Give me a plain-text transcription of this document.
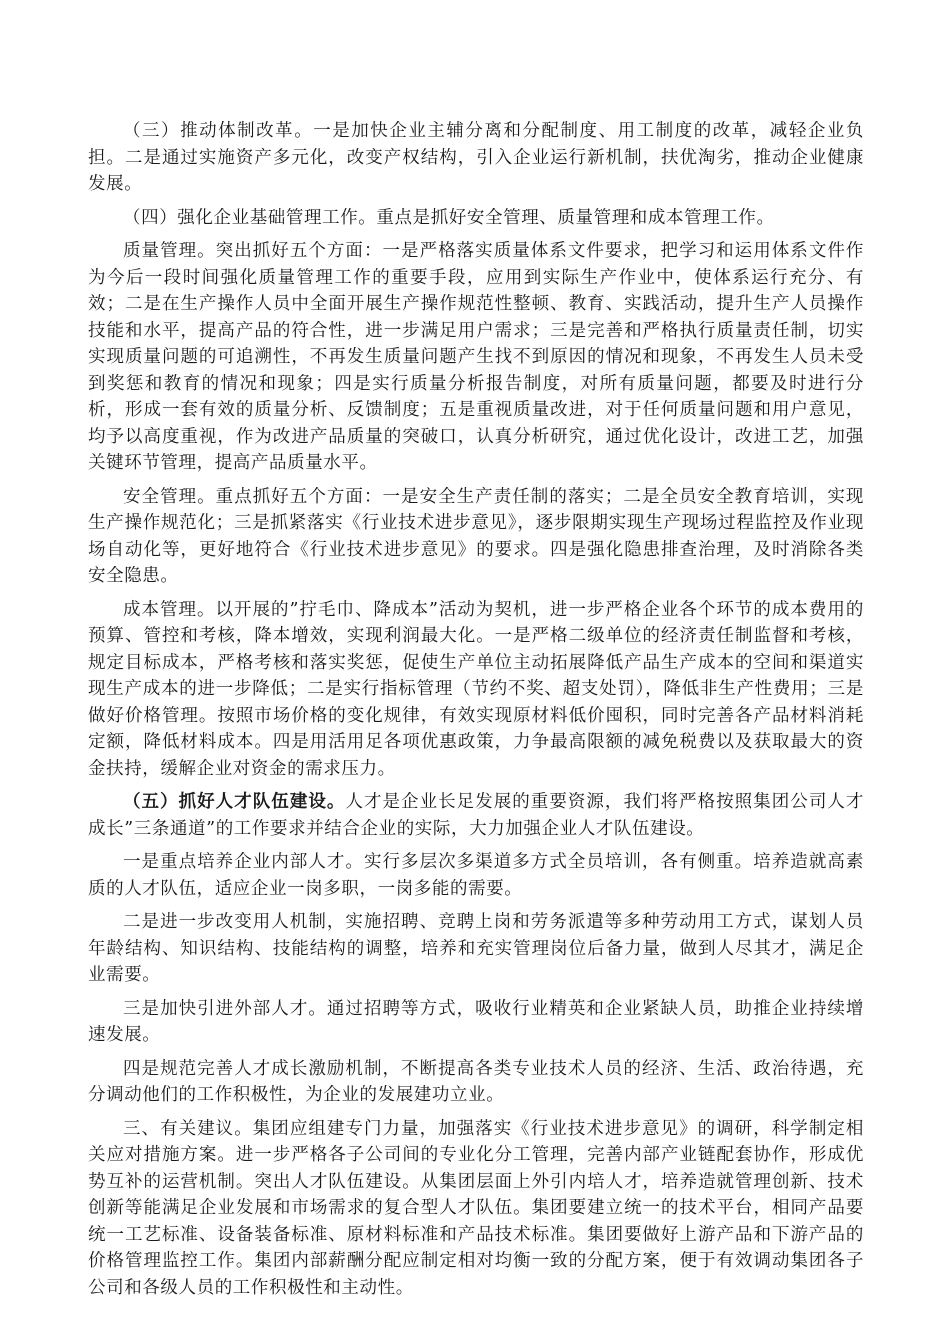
（三）推动体制改革。一是加快企业主辅分离和分配制度、用工制度的改革，减轻企业负担。二是通过实施资产多元化，改变产权结构，引入企业运行新机制，扶优淘劣，推动企业健康发展。

（四）强化企业基础管理工作。重点是抓好安全管理、质量管理和成本管理工作。

质量管理。突出抓好五个方面：一是严格落实质量体系文件要求，把学习和运用体系文件作为今后一段时间强化质量管理工作的重要手段，应用到实际生产作业中，使体系运行充分、有效；二是在生产操作人员中全面开展生产操作规范性整顿、教育、实践活动，提升生产人员操作技能和水平，提高产品的符合性，进一步满足用户需求；三是完善和严格执行质量责任制，切实实现质量问题的可追溯性，不再发生质量问题产生找不到原因的情况和现象，不再发生人员未受到奖惩和教育的情况和现象；四是实行质量分析报告制度，对所有质量问题，都要及时进行分析，形成一套有效的质量分析、反馈制度；五是重视质量改进，对于任何质量问题和用户意见，均予以高度重视，作为改进产品质量的突破口，认真分析研究，通过优化设计，改进工艺，加强关键环节管理，提高产品质量水平。

安全管理。重点抓好五个方面：一是安全生产责任制的落实；二是全员安全教育培训，实现生产操作规范化；三是抓紧落实《行业技术进步意见》，逐步限期实现生产现场过程监控及作业现场自动化等，更好地符合《行业技术进步意见》的要求。四是强化隐患排查治理，及时消除各类安全隐患。

成本管理。以开展的”拧毛巾、降成本”活动为契机，进一步严格企业各个环节的成本费用的预算、管控和考核，降本增效，实现利润最大化。一是严格二级单位的经济责任制监督和考核，规定目标成本，严格考核和落实奖惩，促使生产单位主动拓展降低产品生产成本的空间和渠道实现生产成本的进一步降低；二是实行指标管理（节约不奖、超支处罚），降低非生产性费用；三是做好价格管理。按照市场价格的变化规律，有效实现原材料低价囤积，同时完善各产品材料消耗定额，降低材料成本。四是用活用足各项优惠政策，力争最高限额的减免税费以及获取最大的资金扶持，缓解企业对资金的需求压力。

（五）抓好人才队伍建设。人才是企业长足发展的重要资源，我们将严格按照集团公司人才成长”三条通道”的工作要求并结合企业的实际，大力加强企业人才队伍建设。

一是重点培养企业内部人才。实行多层次多渠道多方式全员培训，各有侧重。培养造就高素质的人才队伍，适应企业一岗多职，一岗多能的需要。

二是进一步改变用人机制，实施招聘、竞聘上岗和劳务派遣等多种劳动用工方式，谋划人员年龄结构、知识结构、技能结构的调整，培养和充实管理岗位后备力量，做到人尽其才，满足企业需要。

三是加快引进外部人才。通过招聘等方式，吸收行业精英和企业紧缺人员，助推企业持续增速发展。

四是规范完善人才成长激励机制，不断提高各类专业技术人员的经济、生活、政治待遇，充分调动他们的工作积极性，为企业的发展建功立业。

三、有关建议。集团应组建专门力量，加强落实《行业技术进步意见》的调研，科学制定相关应对措施方案。进一步严格各子公司间的专业化分工管理，完善内部产业链配套协作，形成优势互补的运营机制。突出人才队伍建设。从集团层面上外引内培人才，培养造就管理创新、技术创新等能满足企业发展和市场需求的复合型人才队伍。集团要建立统一的技术平台，相同产品要统一工艺标准、设备装备标准、原材料标准和产品技术标准。集团要做好上游产品和下游产品的价格管理监控工作。集团内部薪酬分配应制定相对均衡一致的分配方案，便于有效调动集团各子公司和各级人员的工作积极性和主动性。
